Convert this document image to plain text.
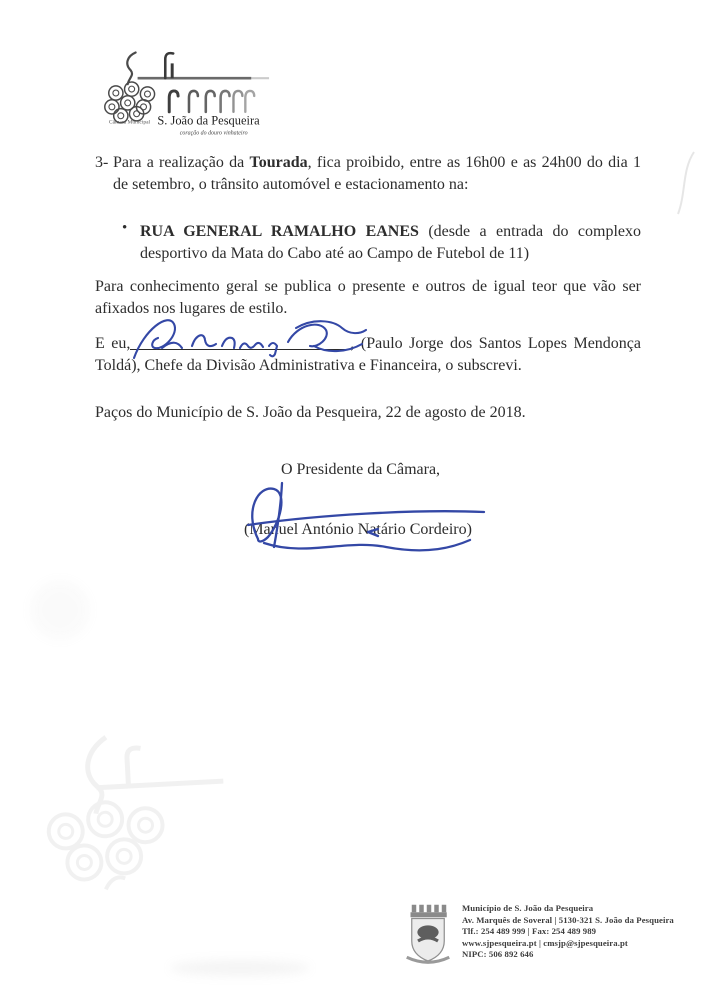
Câmara Municipal S. João da Pesqueira
coração do douro vinhateiro
3- Para a realização da Tourada, fica proibido, entre as 16h00 e as 24h00 do dia 1 de setembro, o trânsito automóvel e estacionamento na:

• RUA GENERAL RAMALHO EANES (desde a entrada do complexo desportivo da Mata do Cabo até ao Campo de Futebol de 11)

Para conhecimento geral se publica o presente e outros de igual teor que vão ser afixados nos lugares de estilo.

E eu,	, (Paulo Jorge dos Santos Lopes Mendonça Toldá), Chefe da Divisão Administrativa e Financeira, o subscrevi.

Paços do Município de S. João da Pesqueira, 22 de agosto de 2018.

O Presidente da Câmara,

(Manuel António Natário Cordeiro)

Município de S. João da Pesqueira
Av. Marquês de Soveral | 5130-321 S. João da Pesqueira
Tlf.: 254 489 999 | Fax: 254 489 989
www.sjpesqueira.pt | cmsjp@sjpesqueira.pt
NIPC: 506 892 646
